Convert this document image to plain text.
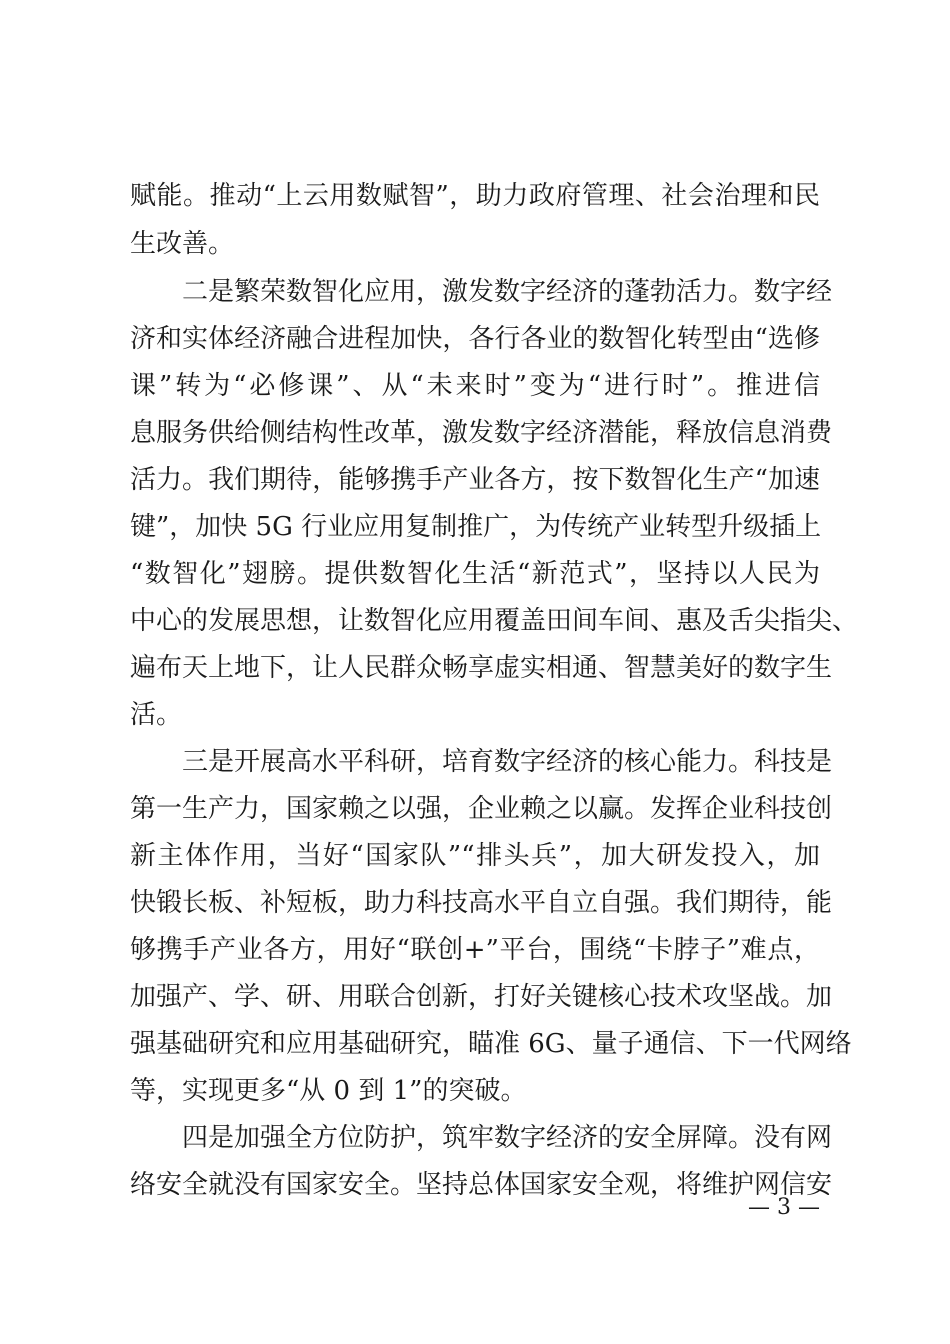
赋能。推动“上云用数赋智”，助力政府管理、社会治理和民
生改善。
二是繁荣数智化应用，激发数字经济的蓬勃活力。数字经
济和实体经济融合进程加快，各行各业的数智化转型由“选修
课”转为“必修课”、从“未来时”变为“进行时”。推进信
息服务供给侧结构性改革，激发数字经济潜能，释放信息消费
活力。我们期待，能够携手产业各方，按下数智化生产“加速
键”，加快 5G 行业应用复制推广，为传统产业转型升级插上
“数智化”翅膀。提供数智化生活“新范式”，坚持以人民为
中心的发展思想，让数智化应用覆盖田间车间、惠及舌尖指尖、
遍布天上地下，让人民群众畅享虚实相通、智慧美好的数字生
活。
三是开展高水平科研，培育数字经济的核心能力。科技是
第一生产力，国家赖之以强，企业赖之以赢。发挥企业科技创
新主体作用，当好“国家队”“排头兵”，加大研发投入，加
快锻长板、补短板，助力科技高水平自立自强。我们期待，能
够携手产业各方，用好“联创+”平台，围绕“卡脖子”难点，
加强产、学、研、用联合创新，打好关键核心技术攻坚战。加
强基础研究和应用基础研究，瞄准 6G、量子通信、下一代网络
等，实现更多“从 0 到 1”的突破。
四是加强全方位防护，筑牢数字经济的安全屏障。没有网
络安全就没有国家安全。坚持总体国家安全观，将维护网信安
— 3 —
